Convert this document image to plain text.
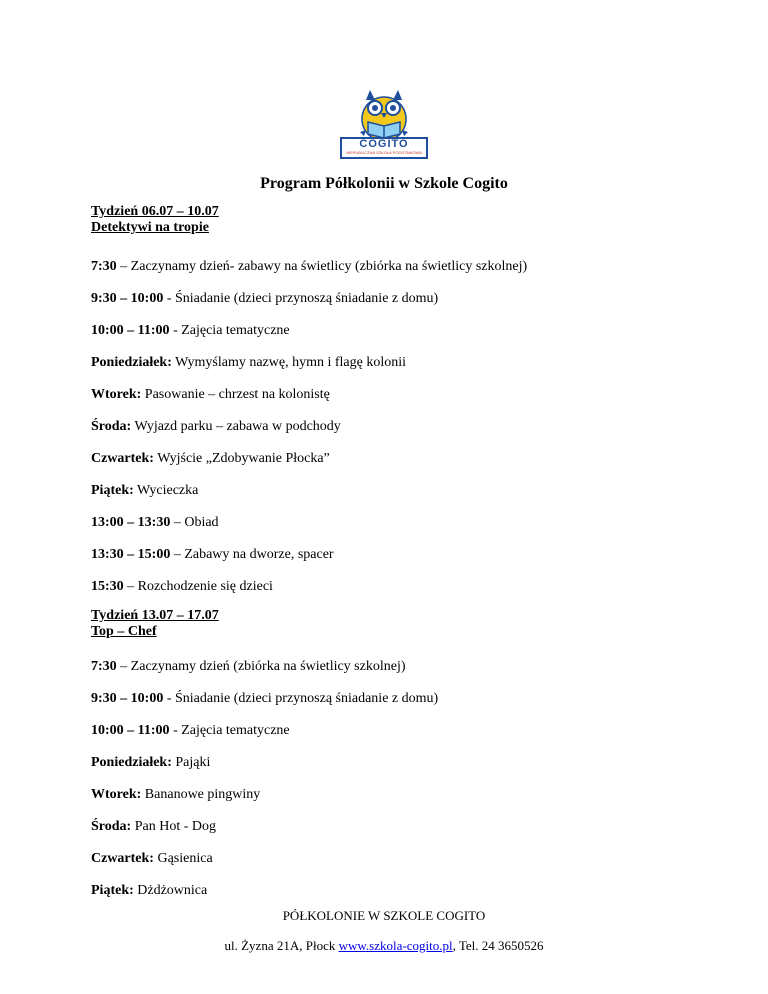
COGITO
NIEPUBLICZNA SZKOŁA PODSTAWOWA
Program Półkolonii w Szkole Cogito
Tydzień 06.07 – 10.07
Detektywi na tropie
7:30 – Zaczynamy dzień- zabawy na świetlicy (zbiórka na świetlicy szkolnej)
9:30 – 10:00 - Śniadanie (dzieci przynoszą śniadanie z domu)
10:00 – 11:00 - Zajęcia tematyczne
Poniedziałek: Wymyślamy nazwę, hymn i flagę kolonii
Wtorek: Pasowanie – chrzest na kolonistę
Środa: Wyjazd parku – zabawa w podchody
Czwartek: Wyjście „Zdobywanie Płocka”
Piątek: Wycieczka
13:00 – 13:30 – Obiad
13:30 – 15:00 – Zabawy na dworze, spacer
15:30 – Rozchodzenie się dzieci
Tydzień 13.07 – 17.07
Top – Chef
7:30 – Zaczynamy dzień (zbiórka na świetlicy szkolnej)
9:30 – 10:00 - Śniadanie (dzieci przynoszą śniadanie z domu)
10:00 – 11:00 - Zajęcia tematyczne
Poniedziałek: Pająki
Wtorek: Bananowe pingwiny
Środa: Pan Hot - Dog
Czwartek: Gąsienica
Piątek: Dżdżownica
PÓŁKOLONIE W SZKOLE COGITO
ul. Żyzna 21A, Płock www.szkola-cogito.pl, Tel. 24 3650526
